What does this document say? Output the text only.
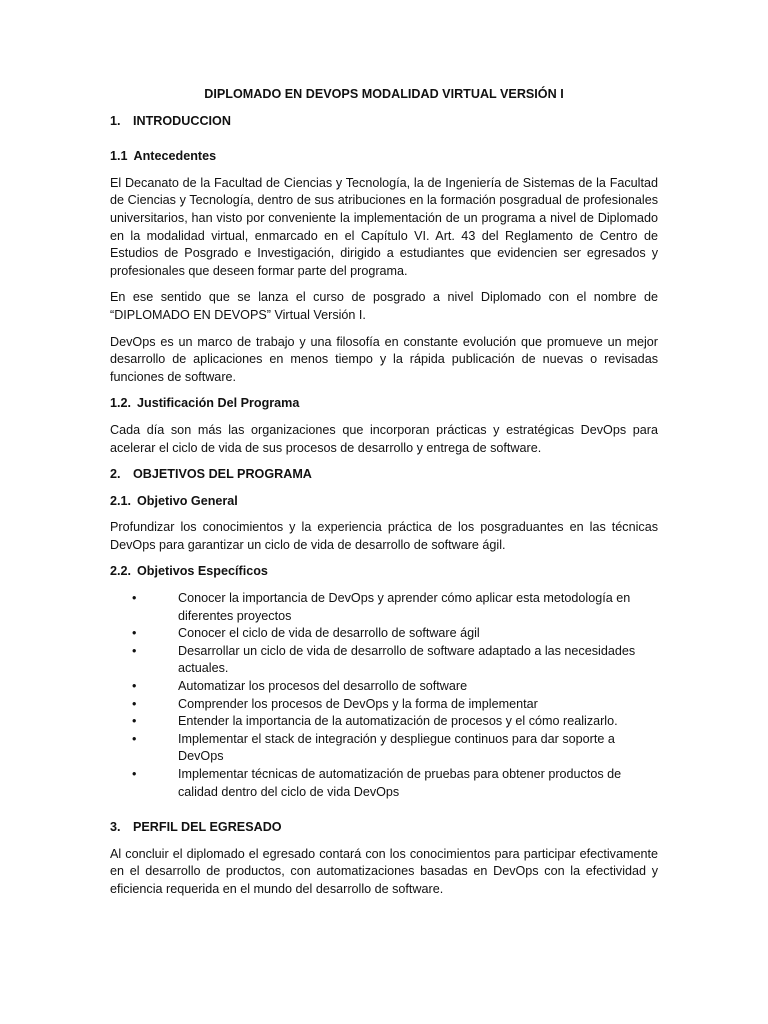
DIPLOMADO EN DEVOPS MODALIDAD VIRTUAL VERSIÓN I

1. INTRODUCCION

1.1 Antecedentes

El Decanato de la Facultad de Ciencias y Tecnología, la de Ingeniería de Sistemas de la Facultad de Ciencias y Tecnología, dentro de sus atribuciones en la formación posgradual de profesionales universitarios, han visto por conveniente la implementación de un programa a nivel de Diplomado en la modalidad virtual, enmarcado en el Capítulo VI. Art. 43 del Reglamento de Centro de Estudios de Posgrado e Investigación, dirigido a estudiantes que evidencien ser egresados y profesionales que deseen formar parte del programa.

En ese sentido que se lanza el curso de posgrado a nivel Diplomado con el nombre de “DIPLOMADO EN DEVOPS” Virtual Versión I.

DevOps es un marco de trabajo y una filosofía en constante evolución que promueve un mejor desarrollo de aplicaciones en menos tiempo y la rápida publicación de nuevas o revisadas funciones de software.

1.2. Justificación Del Programa

Cada día son más las organizaciones que incorporan prácticas y estratégicas DevOps para acelerar el ciclo de vida de sus procesos de desarrollo y entrega de software.

2. OBJETIVOS DEL PROGRAMA

2.1. Objetivo General

Profundizar los conocimientos y la experiencia práctica de los posgraduantes en las técnicas DevOps para garantizar un ciclo de vida de desarrollo de software ágil.

2.2. Objetivos Específicos

•	Conocer la importancia de DevOps y aprender cómo aplicar esta metodología en diferentes proyectos
•	Conocer el ciclo de vida de desarrollo de software ágil
•	Desarrollar un ciclo de vida de desarrollo de software adaptado a las necesidades actuales.
•	Automatizar los procesos del desarrollo de software
•	Comprender los procesos de DevOps y la forma de implementar
•	Entender la importancia de la automatización de procesos y el cómo realizarlo.
•	Implementar el stack de integración y despliegue continuos para dar soporte a DevOps
•	Implementar técnicas de automatización de pruebas para obtener productos de calidad dentro del ciclo de vida DevOps

3. PERFIL DEL EGRESADO

Al concluir el diplomado el egresado contará con los conocimientos para participar efectivamente en el desarrollo de productos, con automatizaciones basadas en DevOps con la efectividad y eficiencia requerida en el mundo del desarrollo de software.
